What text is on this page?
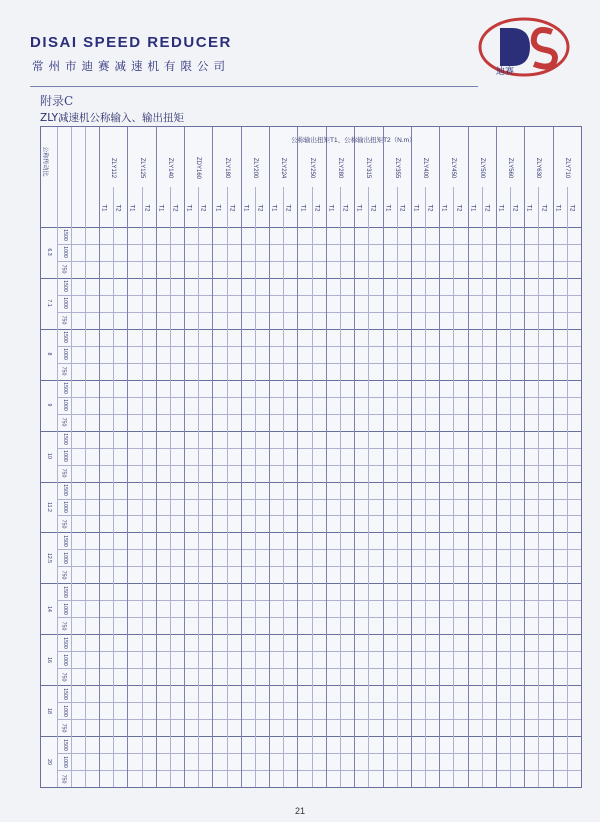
DISAI SPEED REDUCER
常州市迪赛减速机有限公司	迪赛
附录C
ZLY减速机公称输入、输出扭矩
ZLY112
T1 T2
ZLY125
T1 T2
ZLY140
T1 T2
ZDY160
T1 T2
ZLY180
T1 T2
ZLY200
T1 T2
ZLY224
T1 T2
ZLY250
T1 T2
ZLY280
T1 T2
ZLY315
T1 T2
ZLY355
T1 T2
ZLY400
T1 T2
ZLY450
T1 T2
ZLY500
T1 T2
ZLY560
T1 T2
ZLY630
T1 T2
ZLY710
T1 T2
公称输出扭矩T1、公称输出扭矩T2（N.m）
公称传动比
6.3
1500
1000
750
7.1
1500
1000
750
8
1500
1000
750
9
1500
1000
750
10
1500
1000
750
11.2
1500
1000
750
12.5
1500
1000
750
14
1500
1000
750
16
1500
1000
750
18
1500
1000
750
20
1500
1000
750
21
